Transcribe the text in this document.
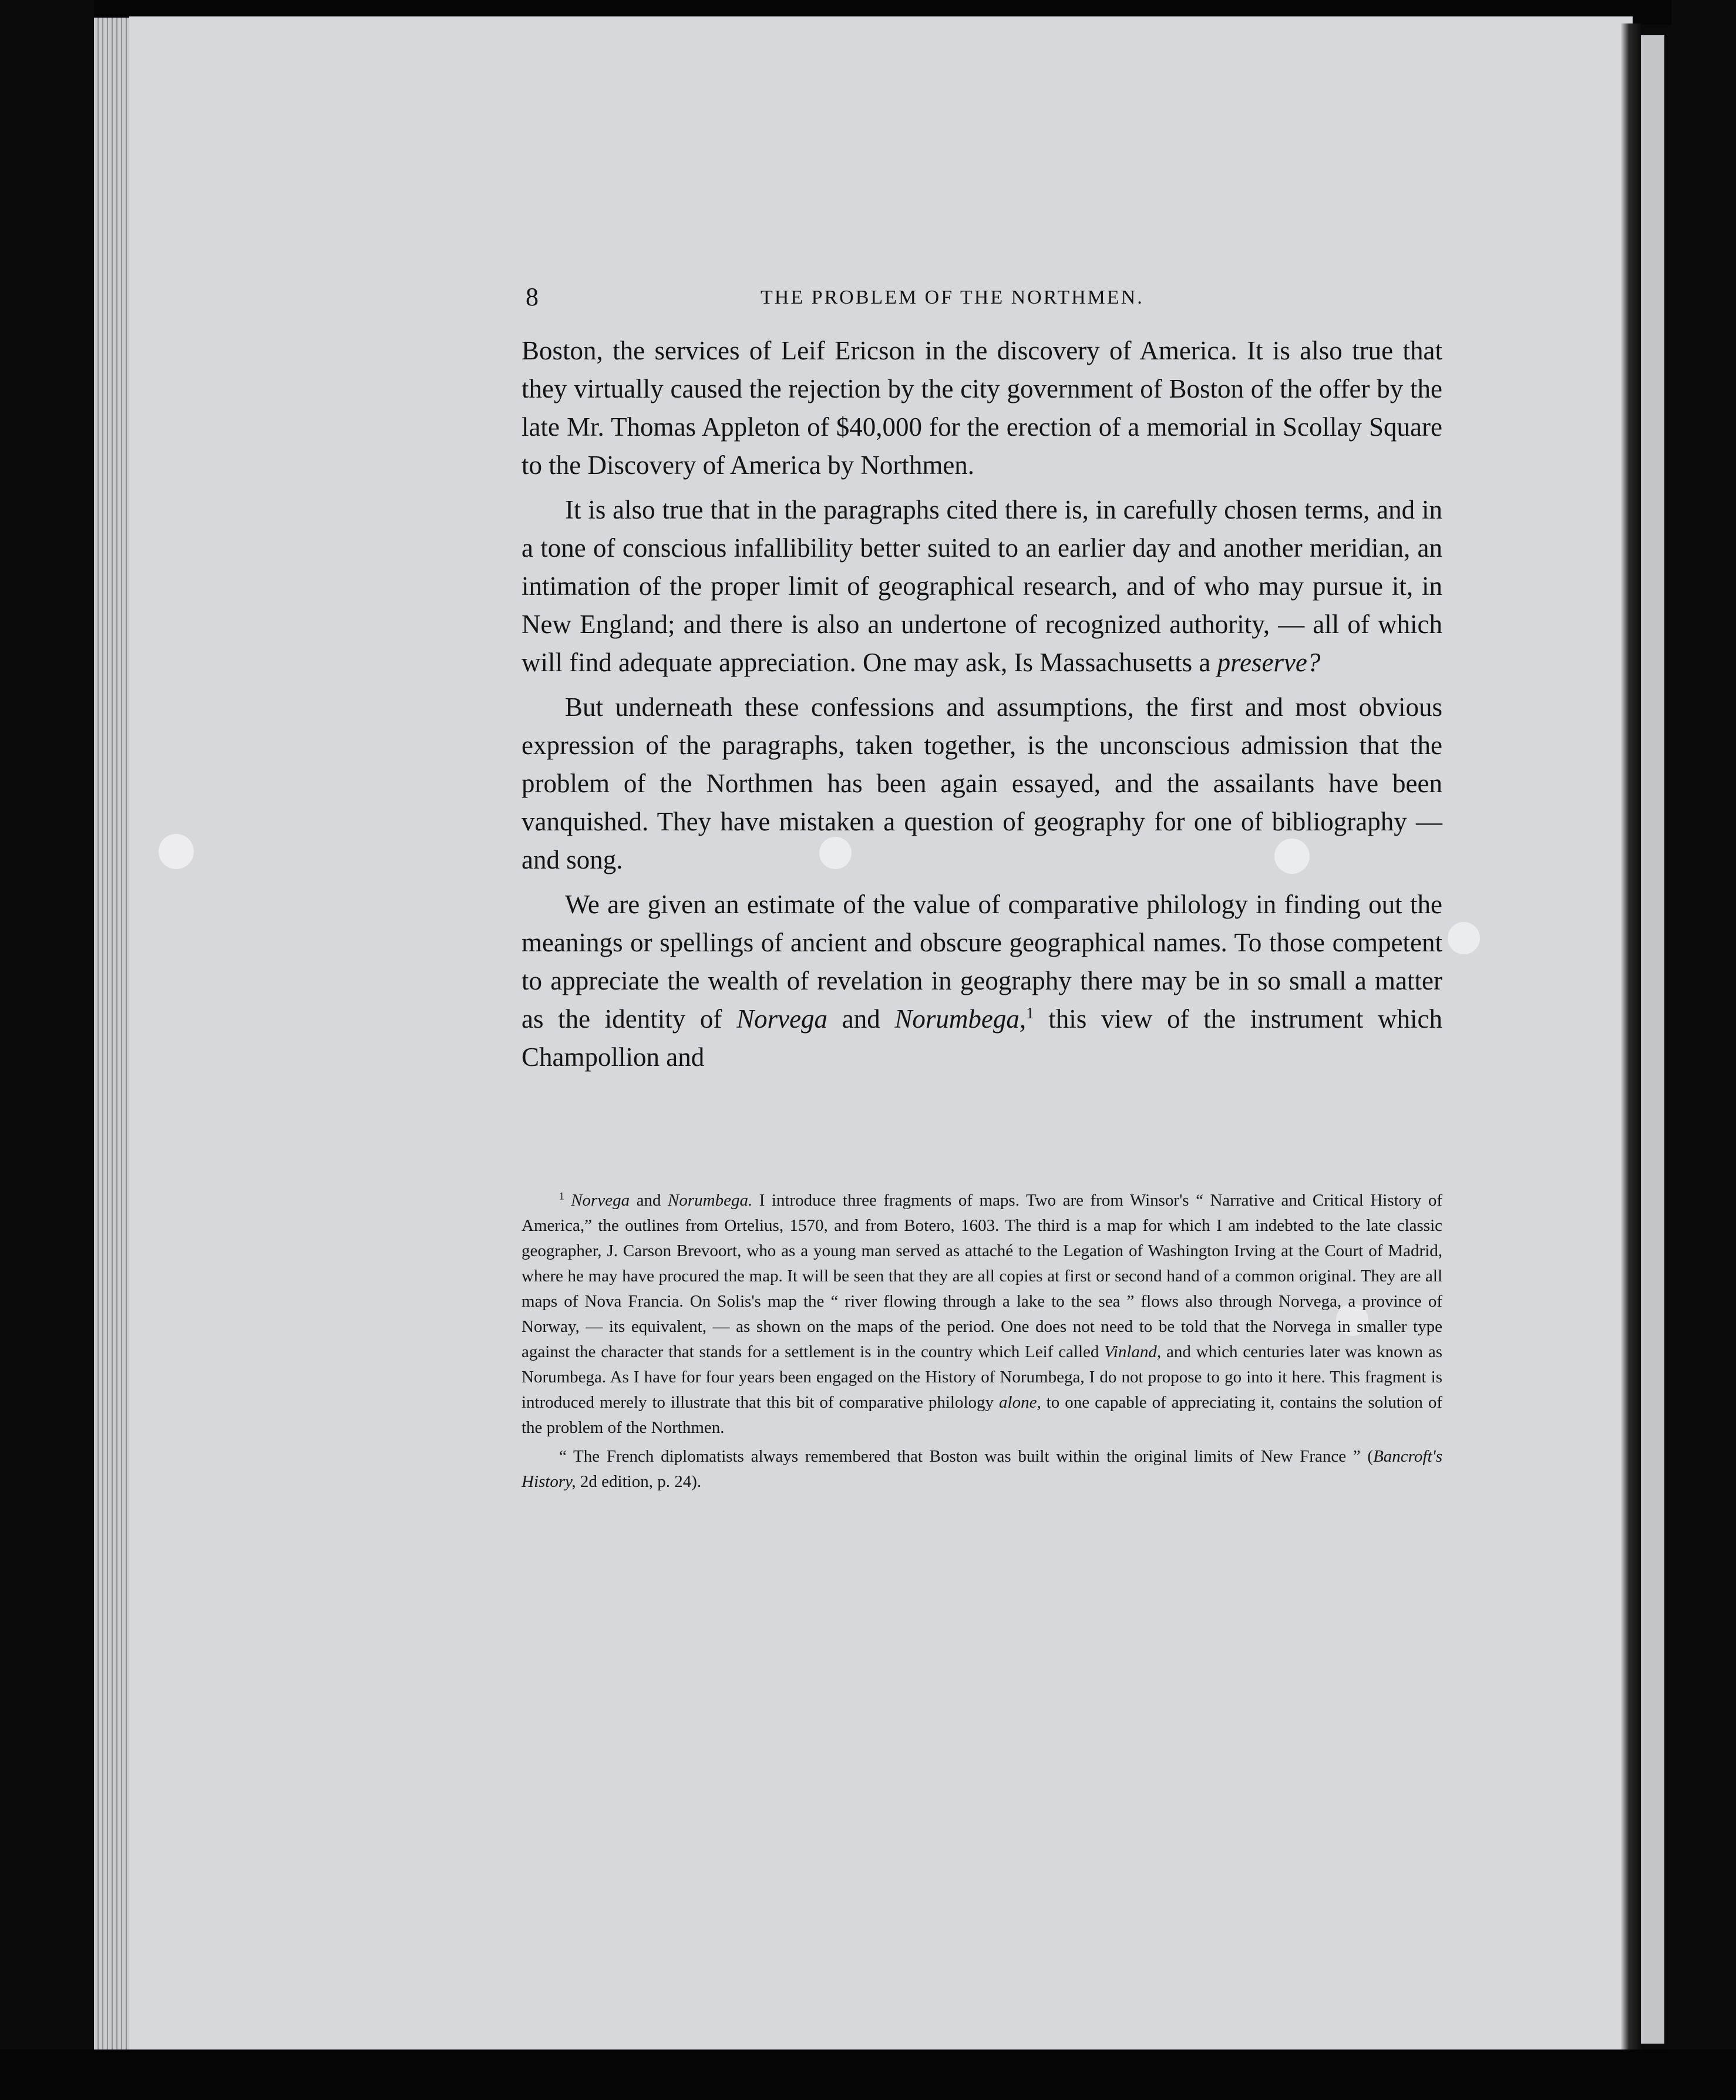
8	THE PROBLEM OF THE NORTHMEN.

Boston, the services of Leif Ericson in the discovery of America. It is also true that they virtually caused the rejection by the city government of Boston of the offer by the late Mr. Thomas Appleton of $40,000 for the erection of a memorial in Scollay Square to the Discovery of America by Northmen.

It is also true that in the paragraphs cited there is, in carefully chosen terms, and in a tone of conscious infallibility better suited to an earlier day and another meridian, an intimation of the proper limit of geographical research, and of who may pursue it, in New England; and there is also an undertone of recognized authority, — all of which will find adequate appreciation. One may ask, Is Massachusetts a preserve?

But underneath these confessions and assumptions, the first and most obvious expression of the paragraphs, taken together, is the unconscious admission that the problem of the Northmen has been again essayed, and the assailants have been vanquished. They have mistaken a question of geography for one of bibliography — and song.

We are given an estimate of the value of comparative philology in finding out the meanings or spellings of ancient and obscure geographical names. To those competent to appreciate the wealth of revelation in geography there may be in so small a matter as the identity of Norvega and Norumbega,$^1$ this view of the instrument which Champollion and

$^1$ Norvega and Norumbega. I introduce three fragments of maps. Two are from Winsor's “ Narrative and Critical History of America,” the outlines from Ortelius, 1570, and from Botero, 1603. The third is a map for which I am indebted to the late classic geographer, J. Carson Brevoort, who as a young man served as attaché to the Legation of Washington Irving at the Court of Madrid, where he may have procured the map. It will be seen that they are all copies at first or second hand of a common original. They are all maps of Nova Francia. On Solis's map the “ river flowing through a lake to the sea ” flows also through Norvega, a province of Norway, — its equivalent, — as shown on the maps of the period. One does not need to be told that the Norvega in smaller type against the character that stands for a settlement is in the country which Leif called Vinland, and which centuries later was known as Norumbega. As I have for four years been engaged on the History of Norumbega, I do not propose to go into it here. This fragment is introduced merely to illustrate that this bit of comparative philology alone, to one capable of appreciating it, contains the solution of the problem of the Northmen.

“ The French diplomatists always remembered that Boston was built within the original limits of New France ” (Bancroft's History, 2d edition, p. 24).
